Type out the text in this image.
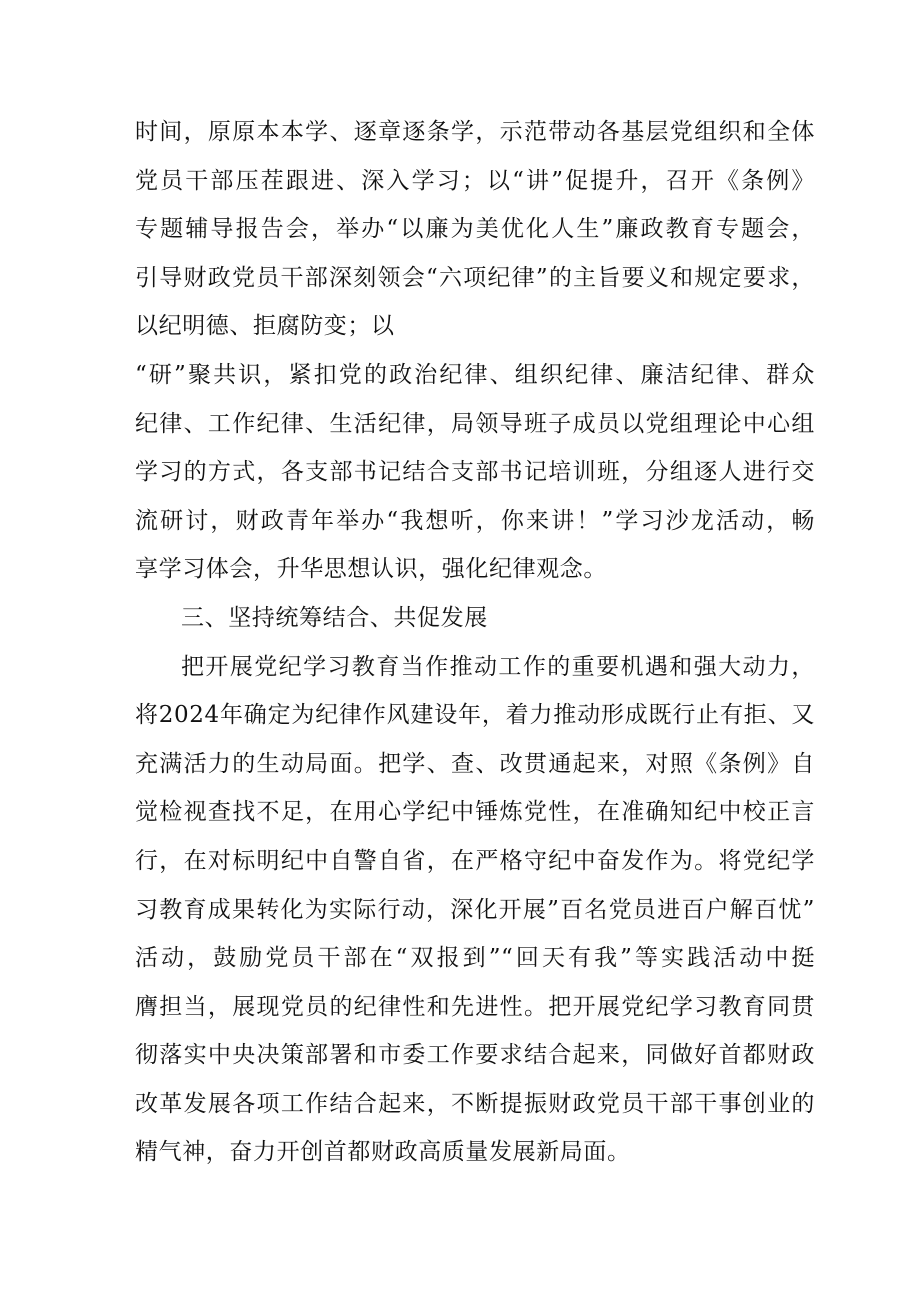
时间，原原本本学、逐章逐条学，示范带动各基层党组织和全体
党员干部压茬跟进、深入学习；以“讲”促提升，召开《条例》
专题辅导报告会，举办“以廉为美优化人生”廉政教育专题会，
引导财政党员干部深刻领会“六项纪律”的主旨要义和规定要求，
以纪明德、拒腐防变；以
“研”聚共识，紧扣党的政治纪律、组织纪律、廉洁纪律、群众
纪律、工作纪律、生活纪律，局领导班子成员以党组理论中心组
学习的方式，各支部书记结合支部书记培训班，分组逐人进行交
流研讨，财政青年举办“我想听，你来讲！”学习沙龙活动，畅
享学习体会，升华思想认识，强化纪律观念。
三、坚持统筹结合、共促发展
把开展党纪学习教育当作推动工作的重要机遇和强大动力，
将2024年确定为纪律作风建设年，着力推动形成既行止有拒、又
充满活力的生动局面。把学、查、改贯通起来，对照《条例》自
觉检视查找不足，在用心学纪中锤炼党性，在准确知纪中校正言
行，在对标明纪中自警自省，在严格守纪中奋发作为。将党纪学
习教育成果转化为实际行动，深化开展”百名党员进百户解百忧”
活动，鼓励党员干部在“双报到”“回天有我”等实践活动中挺
膺担当，展现党员的纪律性和先进性。把开展党纪学习教育同贯
彻落实中央决策部署和市委工作要求结合起来，同做好首都财政
改革发展各项工作结合起来，不断提振财政党员干部干事创业的
精气神，奋力开创首都财政高质量发展新局面。
